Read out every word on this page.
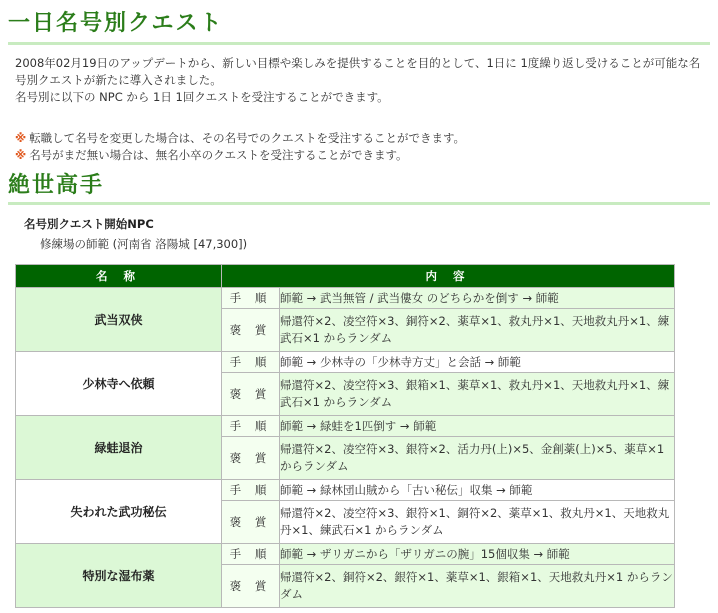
一日名号別クエスト

2008年02月19日のアップデートから、新しい目標や楽しみを提供することを目的として、1日に 1度繰り返し受けることが可能な名号別クエストが新たに導入されました。

名号別に以下の NPC から 1日 1回クエストを受注することができます。

※ 転職して名号を変更した場合は、その名号でのクエストを受注することができます。

※ 名号がまだ無い場合は、無名小卒のクエストを受注することができます。

絶世高手
名号別クエスト開始NPC
修練場の師範 (河南省 洛陽城 [47,300])
名 称	内 容	
武当双侠	手 順	師範 → 武当無管 / 武当僂女 のどちらかを倒す → 師範
	褒 賞	帰還符×2、凌空符×3、銅符×2、薬草×1、救丸丹×1、天地救丸丹×1、練武石×1 からランダム
少林寺へ依頼	手 順	師範 → 少林寺の「少林寺方丈」と会話 → 師範
	褒 賞	帰還符×2、凌空符×3、銀箱×1、薬草×1、救丸丹×1、天地救丸丹×1、練武石×1 からランダム
緑蛙退治	手 順	師範 → 緑蛙を1匹倒す → 師範
	褒 賞	帰還符×2、凌空符×3、銀符×2、活力丹(上)×5、金創薬(上)×5、薬草×1 からランダム
失われた武功秘伝	手 順	師範 → 緑林団山賊から「古い秘伝」収集 → 師範
	褒 賞	帰還符×2、凌空符×3、銀符×1、銅符×2、薬草×1、救丸丹×1、天地救丸丹×1、練武石×1 からランダム
特別な湿布薬	手 順	師範 → ザリガニから「ザリガニの腕」15個収集 → 師範
	褒 賞	帰還符×2、銅符×2、銀符×1、薬草×1、銀箱×1、天地救丸丹×1 からランダム
